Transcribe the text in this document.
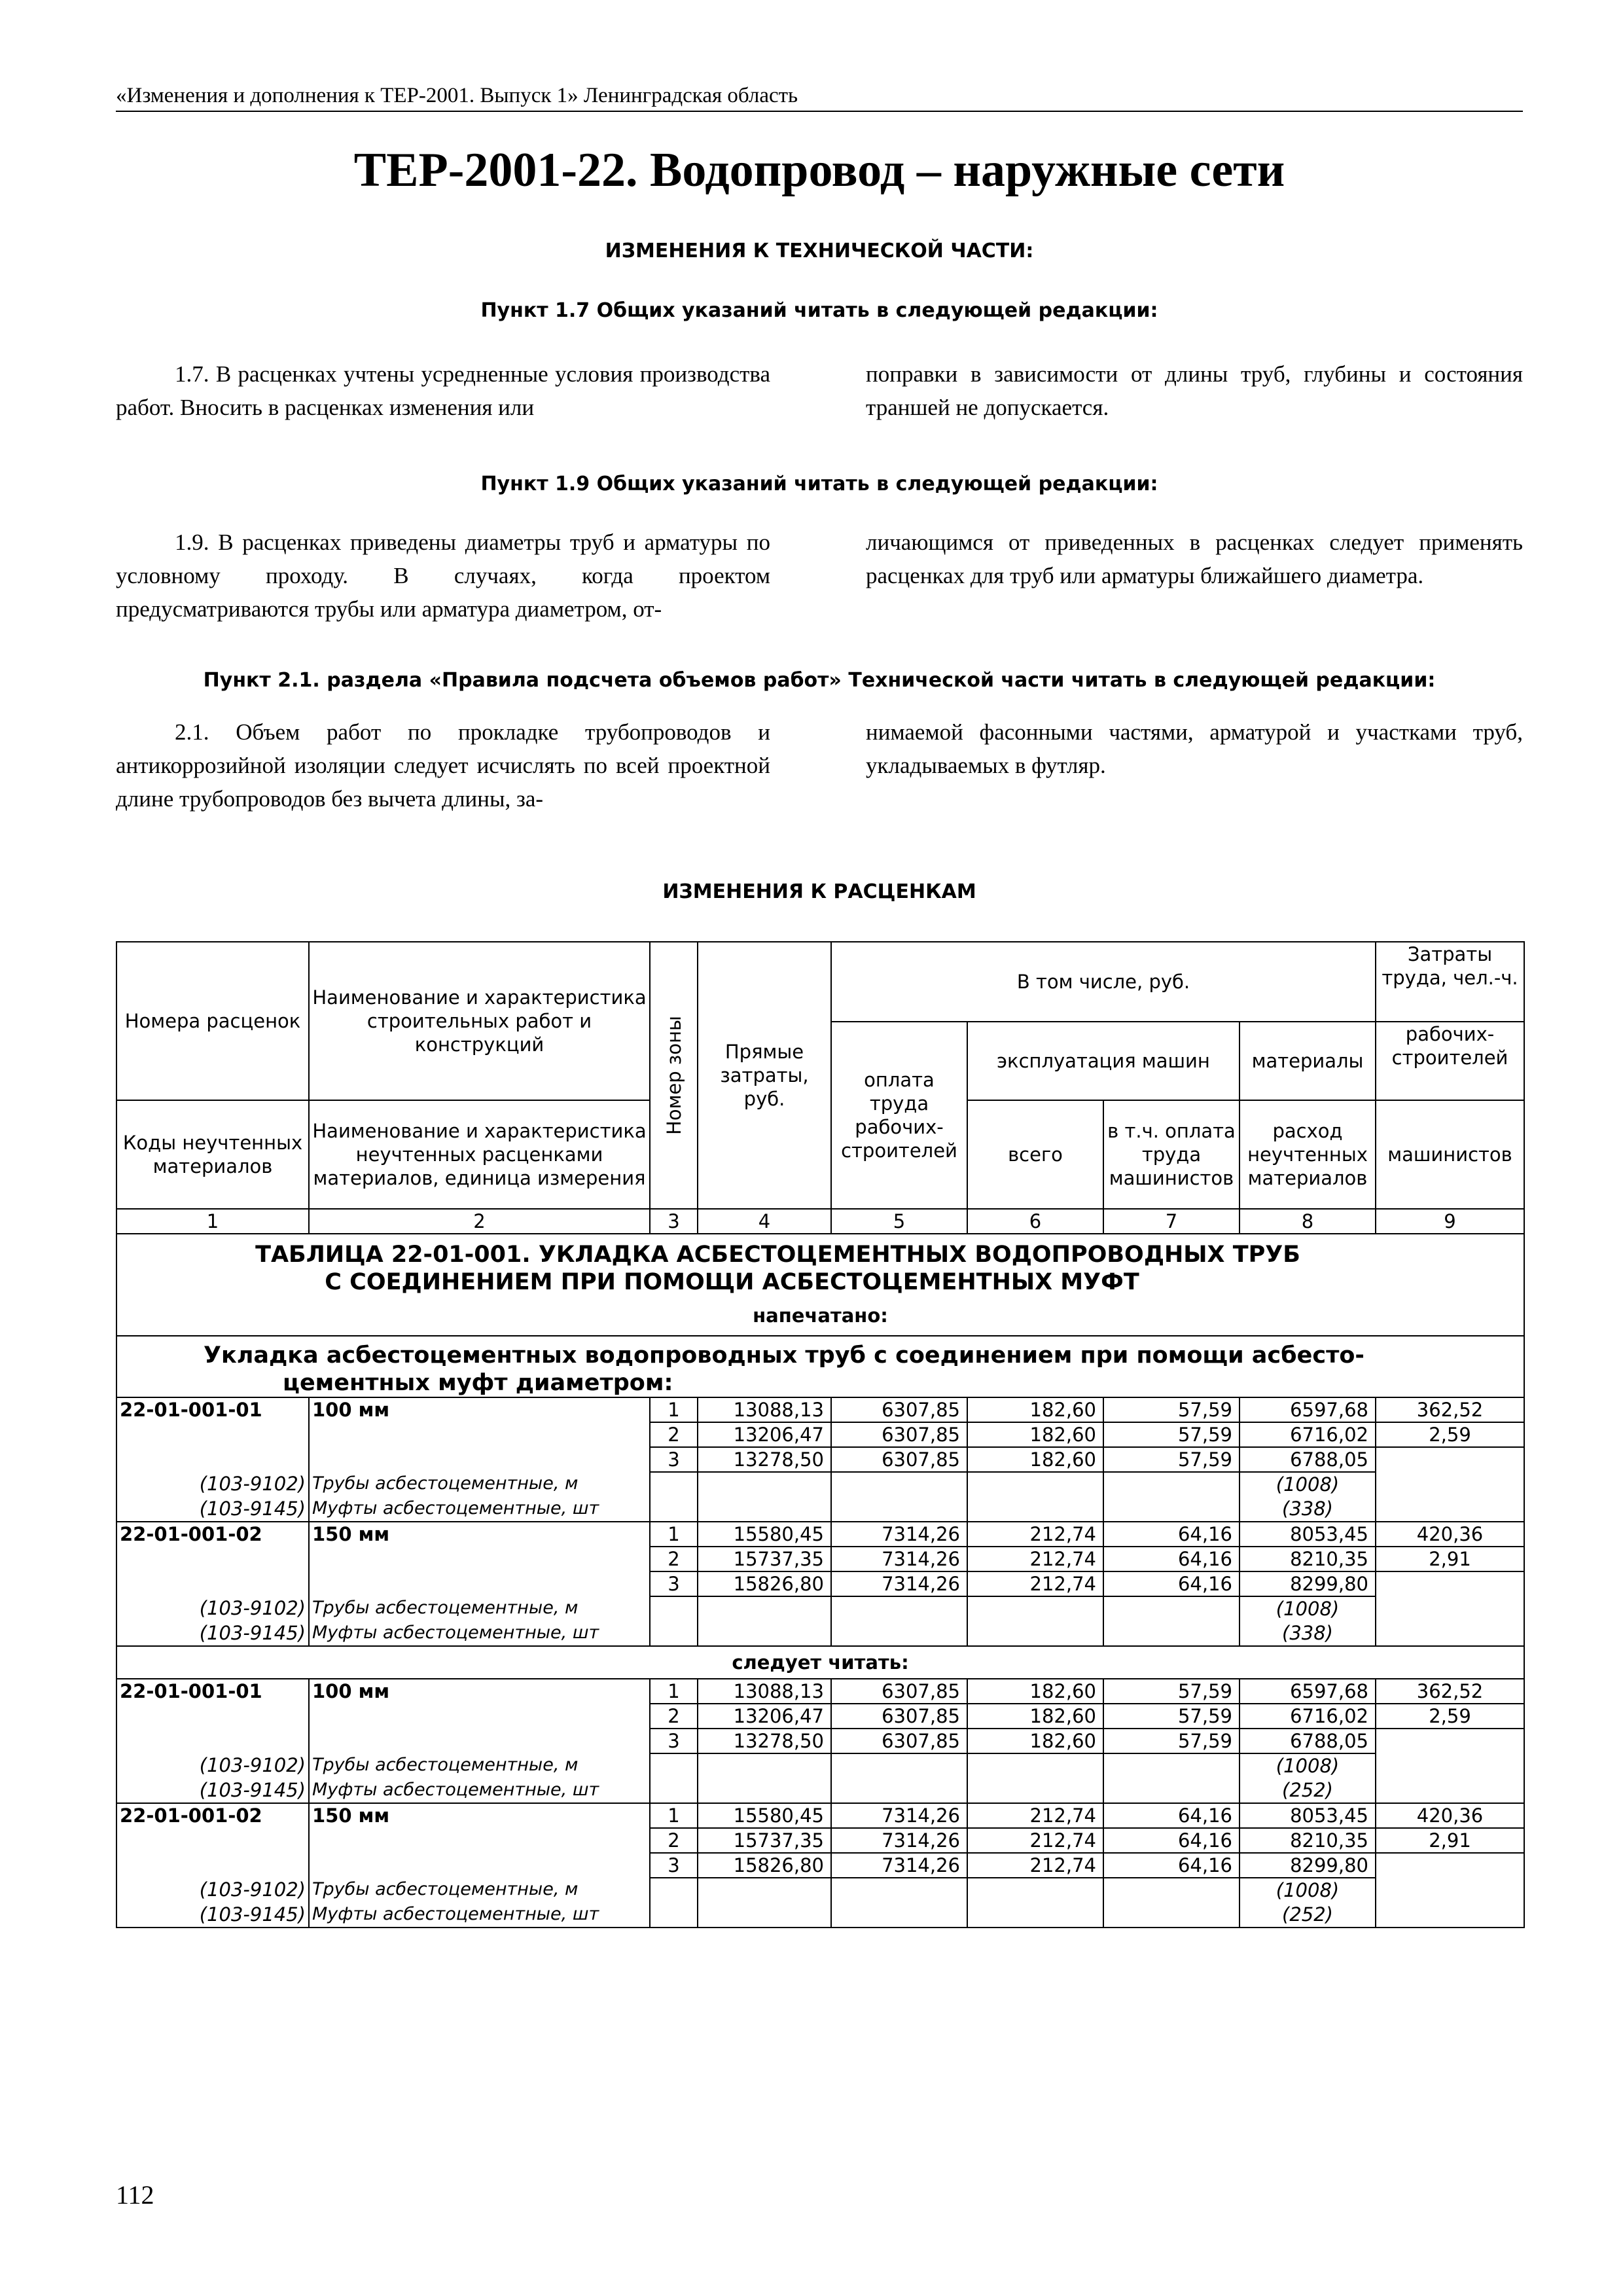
«Изменения и дополнения к ТЕР-2001. Выпуск 1» Ленинградская область
ТЕР-2001-22. Водопровод – наружные сети
ИЗМЕНЕНИЯ К ТЕХНИЧЕСКОЙ ЧАСТИ:
Пункт 1.7 Общих указаний читать в следующей редакции:
1.7. В расценках учтены усредненные условия производства работ. Вносить в расценках изменения или
поправки в зависимости от длины труб, глубины и состояния траншей не допускается.
Пункт 1.9 Общих указаний читать в следующей редакции:
1.9. В расценках приведены диаметры труб и арматуры по условному проходу. В случаях, когда проектом предусматриваются трубы или арматура диаметром, от-
личающимся от приведенных в расценках следует применять расценках для труб или арматуры ближайшего диаметра.
Пункт 2.1. раздела «Правила подсчета объемов работ» Технической части читать в следующей редакции:
2.1. Объем работ по прокладке трубопроводов и антикоррозийной изоляции следует исчислять по всей проектной длине трубопроводов без вычета длины, за-
нимаемой фасонными частями, арматурой и участками труб, укладываемых в футляр.
ИЗМЕНЕНИЯ К РАСЦЕНКАМ
Номера расценок	Наименование и характеристика строительных работ и конструкций	Номер зоны	Прямые затраты, руб.	В том числе, руб.				Затраты труда, чел.-ч.
				оплата труда рабочих-строителей	эксплуатация машин		материалы	рабочих-строителей
Коды неучтенных материалов	Наименование и характеристика неучтенных расценками материалов, единица измерения				всего	в т.ч. оплата труда машинистов	расход неучтенных материалов	машинистов
1	2	3	4	5	6	7	8	9

ТАБЛИЦА 22-01-001. УКЛАДКА АСБЕСТОЦЕМЕНТНЫХ ВОДОПРОВОДНЫХ ТРУБ
С СОЕДИНЕНИЕМ ПРИ ПОМОЩИ АСБЕСТОЦЕМЕНТНЫХ МУФТ
напечатано:								

Укладка асбестоцементных водопроводных труб с соединением при помощи асбесто-
цементных муфт диаметром:								

22-01-001-01	100 мм	1	13088,13	6307,85	182,60	57,59	6597,68	362,52
		2	13206,47	6307,85	182,60	57,59	6716,02	2,59
		3	13278,50	6307,85	182,60	57,59	6788,05	
(103-9102)	Трубы асбестоцементные, м						(1008)	
(103-9145)	Муфты асбестоцементные, шт						(338)	
22-01-001-02	150 мм	1	15580,45	7314,26	212,74	64,16	8053,45	420,36
		2	15737,35	7314,26	212,74	64,16	8210,35	2,91
		3	15826,80	7314,26	212,74	64,16	8299,80	
(103-9102)	Трубы асбестоцементные, м						(1008)	
(103-9145)	Муфты асбестоцементные, шт						(338)	
следует читать:								
22-01-001-01	100 мм	1	13088,13	6307,85	182,60	57,59	6597,68	362,52
		2	13206,47	6307,85	182,60	57,59	6716,02	2,59
		3	13278,50	6307,85	182,60	57,59	6788,05	
(103-9102)	Трубы асбестоцементные, м						(1008)	
(103-9145)	Муфты асбестоцементные, шт						(252)	
22-01-001-02	150 мм	1	15580,45	7314,26	212,74	64,16	8053,45	420,36
		2	15737,35	7314,26	212,74	64,16	8210,35	2,91
		3	15826,80	7314,26	212,74	64,16	8299,80	
(103-9102)	Трубы асбестоцементные, м						(1008)	
(103-9145)	Муфты асбестоцементные, шт						(252)	
112
